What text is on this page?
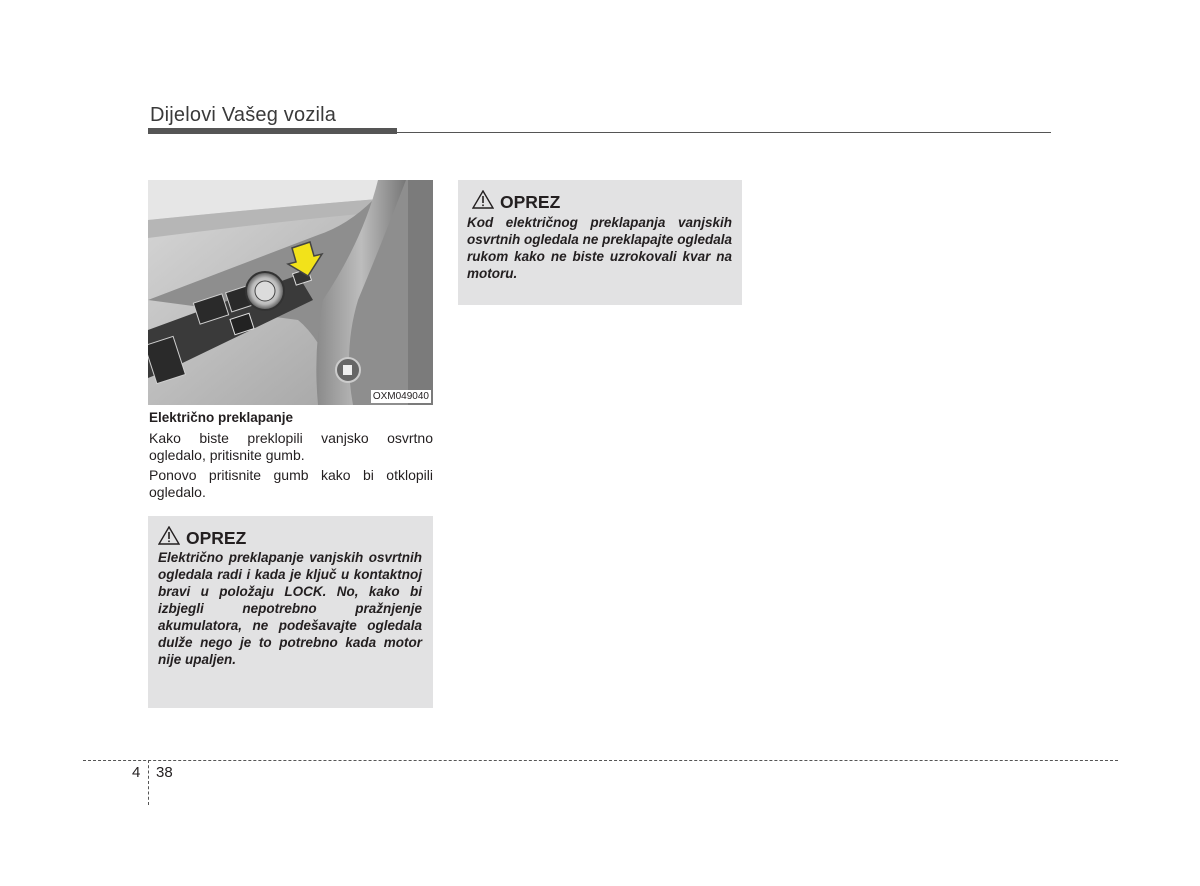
Dijelovi Vašeg vozila
OXM049040
Električno preklapanje
Kako biste preklopili vanjsko osvrtno ogledalo, pritisnite gumb.
Ponovo pritisnite gumb kako bi otklopili ogledalo.
OPREZ
Električno preklapanje vanjskih osvrtnih ogledala radi i kada je ključ u kontaktnoj bravi u položaju LOCK. No, kako bi izbjegli nepotrebno pražnjenje akumulatora, ne podešavajte ogledala dulže nego je to potrebno kada motor nije upaljen.
OPREZ
Kod električnog preklapanja vanjskih osvrtnih ogledala ne preklapajte ogledala rukom kako ne biste uzrokovali kvar na motoru.
4 38
